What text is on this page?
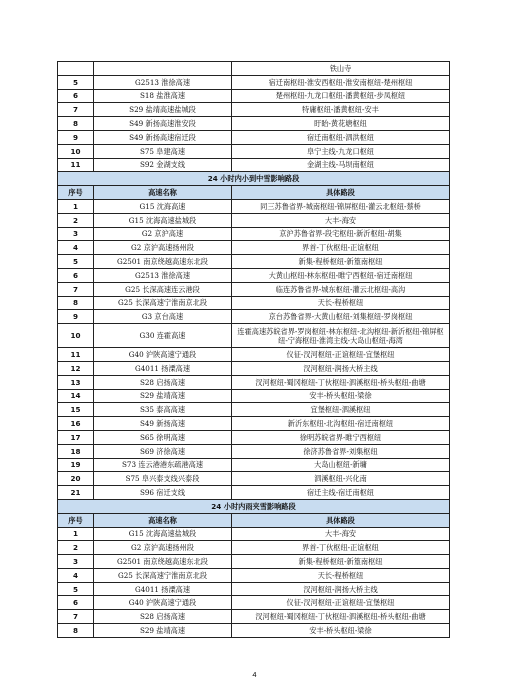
		铁山寺
5	G2513 淮徐高速	宿迁南枢纽-淮安西枢纽-淮安南枢纽-楚州枢纽
6	S18 盐淮高速	楚州枢纽-九龙口枢纽-潘黄枢纽-步凤枢纽
7	S29 盐靖高速盐城段	特庸枢纽-潘黄枢纽-安丰
8	S49 新扬高速淮安段	盱眙-黄花塘枢纽
9	S49 新扬高速宿迁段	宿迁南枢纽-泗洪枢纽
10	S75 阜建高速	阜宁主线-九龙口枢纽
11	S92 金湖支线	金湖主线-马坝南枢纽
24 小时内小到中雪影响路段		
序号	高速名称	具体路段
1	G15 沈海高速	同三苏鲁省界-城南枢纽-锦屏枢纽-灌云北枢纽-蔡桥
2	G15 沈海高速盐城段	大丰-海安
3	G2 京沪高速	京沪苏鲁省界-段宅枢纽-新沂枢纽-胡集
4	G2 京沪高速扬州段	界首-丁伙枢纽-正谊枢纽
5	G2501 南京绕越高速东北段	新集-程桥枢纽-新篁南枢纽
6	G2513 淮徐高速	大黄山枢纽-林东枢纽-睢宁西枢纽-宿迁南枢纽
7	G25 长深高速连云港段	临连苏鲁省界-城东枢纽-灌云北枢纽-高沟
8	G25 长深高速宁淮南京北段	天长-程桥枢纽
9	G3 京台高速	京台苏鲁省界-大黄山枢纽-刘集枢纽-罗岗枢纽
10	G30 连霍高速	连霍高速苏皖省界-罗岗枢纽-林东枢纽-北沟枢纽-新沂枢纽-锦屏枢纽-宁海枢纽-淮湾主线-大岛山枢纽-海湾
11	G40 沪陕高速宁通段	仪征-汊河枢纽-正谊枢纽-宜堡枢纽
12	G4011 扬溧高速	汊河枢纽-润扬大桥主线
13	S28 启扬高速	汊河枢纽-蜀冈枢纽-丁伙枢纽-泗溪枢纽-桥头枢纽-曲塘
14	S29 盐靖高速	安丰-桥头枢纽-梁徐
15	S35 泰高高速	宜堡枢纽-泗溪枢纽
16	S49 新扬高速	新沂东枢纽-北沟枢纽-宿迁南枢纽
17	S65 徐明高速	徐明苏皖省界-睢宁西枢纽
18	S69 济徐高速	徐济苏鲁省界-刘集枢纽
19	S73 连云港港东疏港高速	大岛山枢纽-新墉
20	S75 阜兴泰支线兴泰段	泗溪枢纽-兴化南
21	S96 宿迁支线	宿迁主线-宿迁南枢纽
24 小时内雨夹雪影响路段		
序号	高速名称	具体路段
1	G15 沈海高速盐城段	大丰-海安
2	G2 京沪高速扬州段	界首-丁伙枢纽-正谊枢纽
3	G2501 南京绕越高速东北段	新集-程桥枢纽-新篁南枢纽
4	G25 长深高速宁淮南京北段	天长-程桥枢纽
5	G4011 扬溧高速	汊河枢纽-润扬大桥主线
6	G40 沪陕高速宁通段	仪征-汊河枢纽-正谊枢纽-宜堡枢纽
7	S28 启扬高速	汊河枢纽-蜀冈枢纽-丁伙枢纽-泗溪枢纽-桥头枢纽-曲塘
8	S29 盐靖高速	安丰-桥头枢纽-梁徐
4
